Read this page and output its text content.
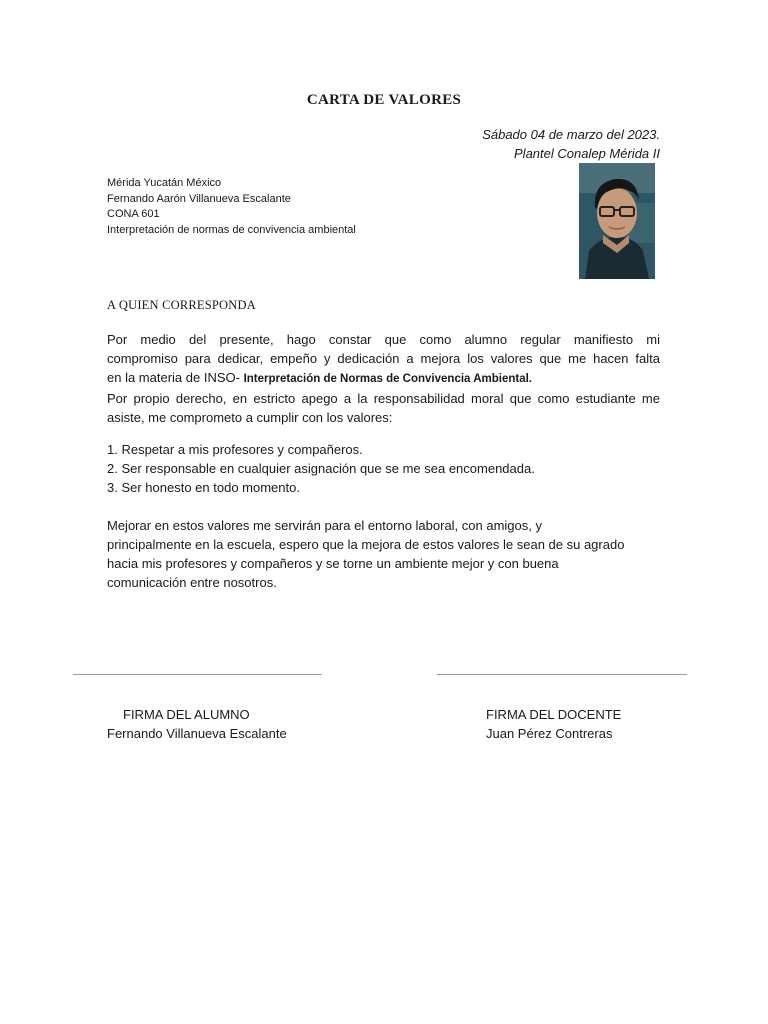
CARTA DE VALORES
Sábado 04 de marzo del 2023.
Plantel Conalep Mérida II
Mérida Yucatán México
Fernando Aarón Villanueva Escalante
CONA 601
Interpretación de normas de convivencia ambiental
A QUIEN CORRESPONDA
Por medio del presente, hago constar que como alumno regular manifiesto mi
compromiso para dedicar, empeño y dedicación a mejora los valores que me hacen falta
en la materia de INSO- Interpretación de Normas de Convivencia Ambiental.
Por propio derecho, en estricto apego a la responsabilidad moral que como estudiante me
asiste, me comprometo a cumplir con los valores:
1. Respetar a mis profesores y compañeros.
2. Ser responsable en cualquier asignación que se me sea encomendada.
3. Ser honesto en todo momento.
Mejorar en estos valores me servirán para el entorno laboral, con amigos, y
principalmente en la escuela, espero que la mejora de estos valores le sean de su agrado
hacia mis profesores y compañeros y se torne un ambiente mejor y con buena
comunicación entre nosotros.
FIRMA DEL ALUMNO
Fernando Villanueva Escalante
FIRMA DEL DOCENTE
Juan Pérez Contreras
